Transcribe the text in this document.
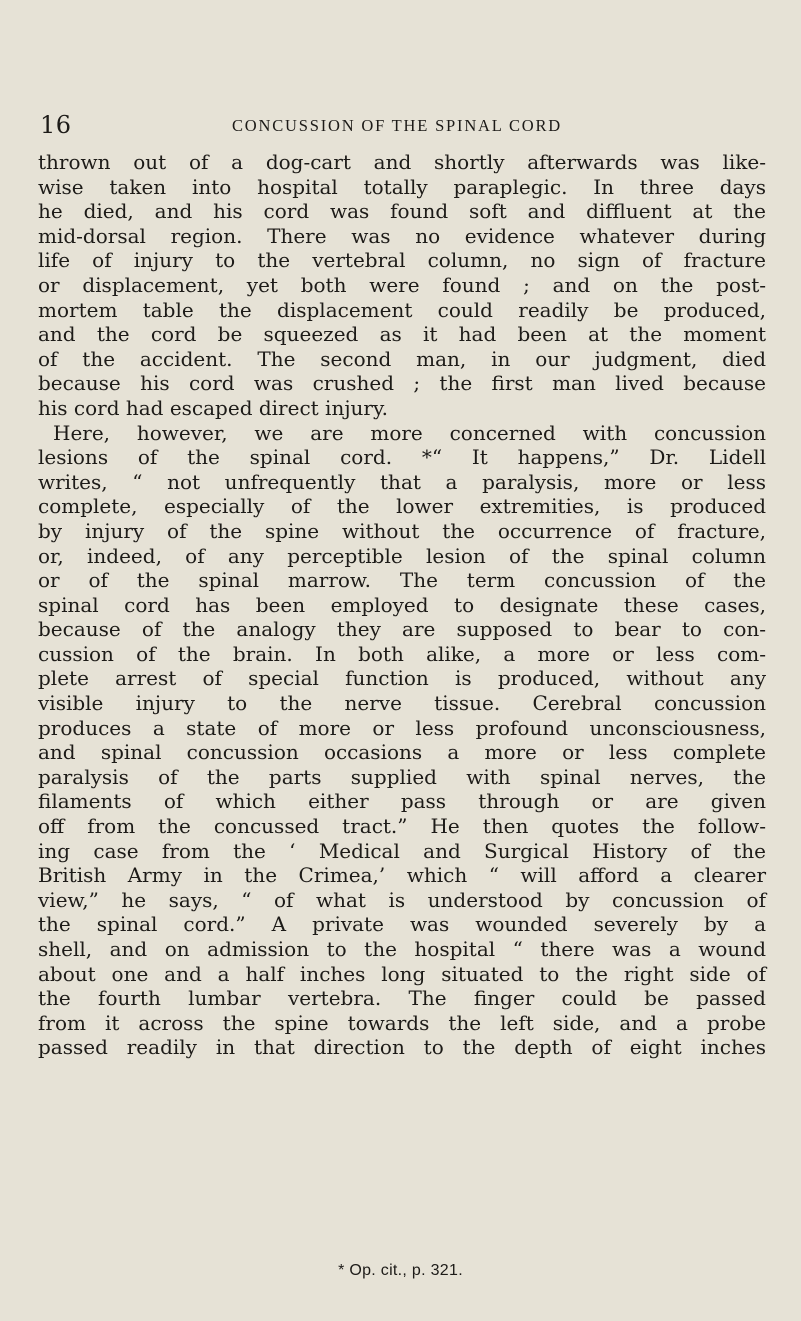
16	CONCUSSION OF THE SPINAL CORD
thrown out of a dog-cart and shortly afterwards was like-
wise taken into hospital totally paraplegic. In three days
he died, and his cord was found soft and diffluent at the
mid-dorsal region. There was no evidence whatever during
life of injury to the vertebral column, no sign of fracture
or displacement, yet both were found ; and on the post-
mortem table the displacement could readily be produced,
and the cord be squeezed as it had been at the moment
of the accident. The second man, in our judgment, died
because his cord was crushed ; the first man lived because
his cord had escaped direct injury.
Here, however, we are more concerned with concussion
lesions of the spinal cord. *“ It happens,” Dr. Lidell
writes, “ not unfrequently that a paralysis, more or less
complete, especially of the lower extremities, is produced
by injury of the spine without the occurrence of fracture,
or, indeed, of any perceptible lesion of the spinal column
or of the spinal marrow. The term concussion of the
spinal cord has been employed to designate these cases,
because of the analogy they are supposed to bear to con-
cussion of the brain. In both alike, a more or less com-
plete arrest of special function is produced, without any
visible injury to the nerve tissue. Cerebral concussion
produces a state of more or less profound unconsciousness,
and spinal concussion occasions a more or less complete
paralysis of the parts supplied with spinal nerves, the
filaments of which either pass through or are given
off from the concussed tract.” He then quotes the follow-
ing case from the ‘ Medical and Surgical History of the
British Army in the Crimea,’ which “ will afford a clearer
view,” he says, “ of what is understood by concussion of
the spinal cord.” A private was wounded severely by a
shell, and on admission to the hospital “ there was a wound
about one and a half inches long situated to the right side of
the fourth lumbar vertebra. The finger could be passed
from it across the spine towards the left side, and a probe
passed readily in that direction to the depth of eight inches
* Op. cit., p. 321.
